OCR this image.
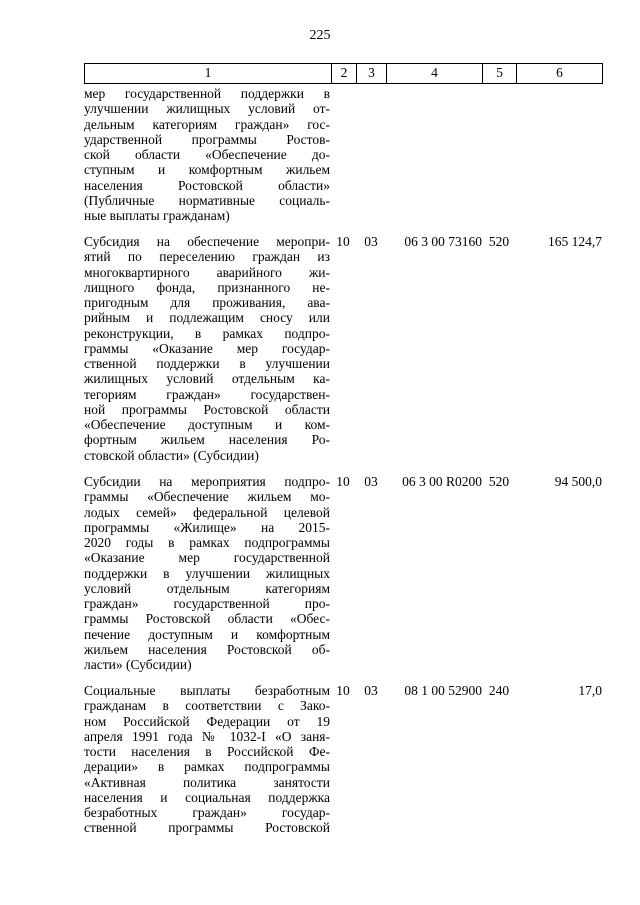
225
1	2	3	4	5	6
мер государственной поддержки в
улучшении жилищных условий от-
дельным категориям граждан» гос-
ударственной программы Ростов-
ской области «Обеспечение до-
ступным и комфортным жильем
населения Ростовской области»
(Публичные нормативные социаль-
ные выплаты гражданам)
Субсидия на обеспечение меропри-
ятий по переселению граждан из
многоквартирного аварийного жи-
лищного фонда, признанного не-
пригодным для проживания, ава-
рийным и подлежащим сносу или
реконструкции, в рамках подпро-
граммы «Оказание мер государ-
ственной поддержки в улучшении
жилищных условий отдельным ка-
тегориям граждан» государствен-
ной программы Ростовской области
«Обеспечение доступным и ком-
фортным жильем населения Ро-
стовской области» (Субсидии)
10	03	06 3 00 73160 520	165 124,7
Субсидии на мероприятия подпро-
граммы «Обеспечение жильем мо-
лодых семей» федеральной целевой
программы «Жилище» на 2015-
2020 годы в рамках подпрограммы
«Оказание мер государственной
поддержки в улучшении жилищных
условий отдельным категориям
граждан» государственной про-
граммы Ростовской области «Обес-
печение доступным и комфортным
жильем населения Ростовской об-
ласти» (Субсидии)
10	03	06 3 00 R0200 520	94 500,0
Социальные выплаты безработным
гражданам в соответствии с Зако-
ном Российской Федерации от 19
апреля 1991 года № 1032-I «О заня-
тости населения в Российской Фе-
дерации» в рамках подпрограммы
«Активная политика занятости
населения и социальная поддержка
безработных граждан» государ-
ственной программы Ростовской
10	03	08 1 00 52900 240	17,0
